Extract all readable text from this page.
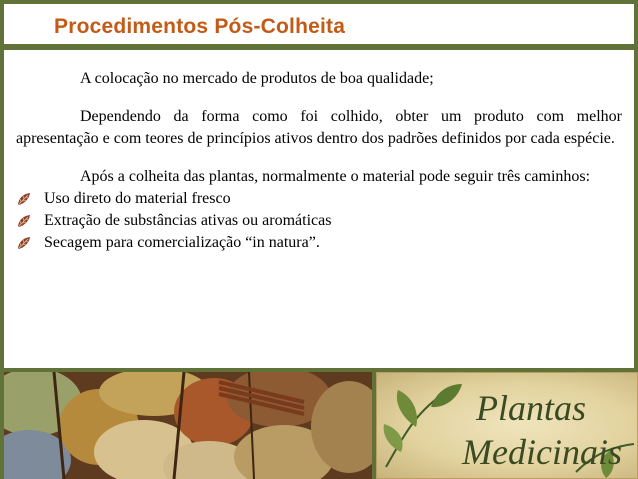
Procedimentos Pós-Colheita

A colocação no mercado de produtos de boa qualidade;

Dependendo da forma como foi colhido, obter um produto com melhor apresentação e com teores de princípios ativos dentro dos padrões definidos por cada espécie.

Após a colheita das plantas, normalmente o material pode seguir três caminhos:

Uso direto do material fresco
Extração de substâncias ativas ou aromáticas
Secagem para comercialização “in natura”.
Plantas
Medicinais
